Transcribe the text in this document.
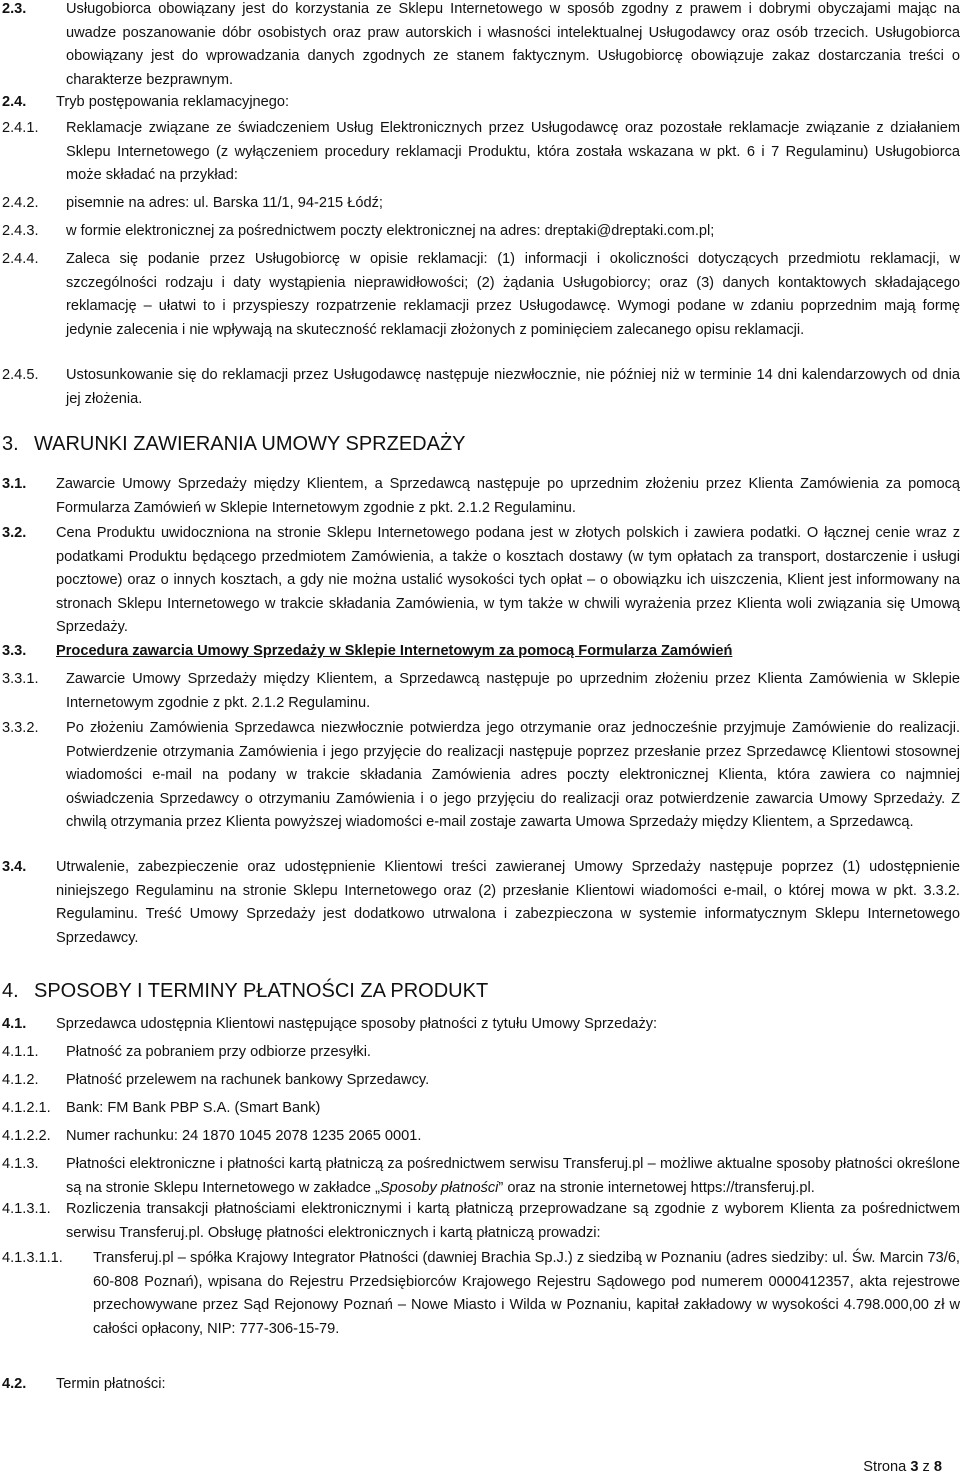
2.3.	Usługobiorca obowiązany jest do korzystania ze Sklepu Internetowego w sposób zgodny z prawem i dobrymi obyczajami mając na uwadze poszanowanie dóbr osobistych oraz praw autorskich i własności intelektualnej Usługodawcy oraz osób trzecich. Usługobiorca obowiązany jest do wprowadzania danych zgodnych ze stanem faktycznym. Usługobiorcę obowiązuje zakaz dostarczania treści o charakterze bezprawnym.
2.4. Tryb postępowania reklamacyjnego:
2.4.1. Reklamacje związane ze świadczeniem Usług Elektronicznych przez Usługodawcę oraz pozostałe reklamacje związanie z działaniem Sklepu Internetowego (z wyłączeniem procedury reklamacji Produktu, która została wskazana w pkt. 6 i 7 Regulaminu) Usługobiorca może składać na przykład:
2.4.2. pisemnie na adres: ul. Barska 11/1, 94-215 Łódź;
2.4.3. w formie elektronicznej za pośrednictwem poczty elektronicznej na adres: dreptaki@dreptaki.com.pl;
2.4.4. Zaleca się podanie przez Usługobiorcę w opisie reklamacji: (1) informacji i okoliczności dotyczących przedmiotu reklamacji, w szczególności rodzaju i daty wystąpienia nieprawidłowości; (2) żądania Usługobiorcy; oraz (3) danych kontaktowych składającego reklamację – ułatwi to i przyspieszy rozpatrzenie reklamacji przez Usługodawcę. Wymogi podane w zdaniu poprzednim mają formę jedynie zalecenia i nie wpływają na skuteczność reklamacji złożonych z pominięciem zalecanego opisu reklamacji.
2.4.5. Ustosunkowanie się do reklamacji przez Usługodawcę następuje niezwłocznie, nie później niż w terminie 14 dni kalendarzowych od dnia jej złożenia.
3. WARUNKI ZAWIERANIA UMOWY SPRZEDAŻY
3.1. Zawarcie Umowy Sprzedaży między Klientem, a Sprzedawcą następuje po uprzednim złożeniu przez Klienta Zamówienia za pomocą Formularza Zamówień w Sklepie Internetowym zgodnie z pkt. 2.1.2 Regulaminu.
3.2. Cena Produktu uwidoczniona na stronie Sklepu Internetowego podana jest w złotych polskich i zawiera podatki. O łącznej cenie wraz z podatkami Produktu będącego przedmiotem Zamówienia, a także o kosztach dostawy (w tym opłatach za transport, dostarczenie i usługi pocztowe) oraz o innych kosztach, a gdy nie można ustalić wysokości tych opłat – o obowiązku ich uiszczenia, Klient jest informowany na stronach Sklepu Internetowego w trakcie składania Zamówienia, w tym także w chwili wyrażenia przez Klienta woli związania się Umową Sprzedaży.
3.3. Procedura zawarcia Umowy Sprzedaży w Sklepie Internetowym za pomocą Formularza Zamówień
3.3.1. Zawarcie Umowy Sprzedaży między Klientem, a Sprzedawcą następuje po uprzednim złożeniu przez Klienta Zamówienia w Sklepie Internetowym zgodnie z pkt. 2.1.2 Regulaminu.
3.3.2. Po złożeniu Zamówienia Sprzedawca niezwłocznie potwierdza jego otrzymanie oraz jednocześnie przyjmuje Zamówienie do realizacji. Potwierdzenie otrzymania Zamówienia i jego przyjęcie do realizacji następuje poprzez przesłanie przez Sprzedawcę Klientowi stosownej wiadomości e-mail na podany w trakcie składania Zamówienia adres poczty elektronicznej Klienta, która zawiera co najmniej oświadczenia Sprzedawcy o otrzymaniu Zamówienia i o jego przyjęciu do realizacji oraz potwierdzenie zawarcia Umowy Sprzedaży. Z chwilą otrzymania przez Klienta powyższej wiadomości e-mail zostaje zawarta Umowa Sprzedaży między Klientem, a Sprzedawcą.
3.4. Utrwalenie, zabezpieczenie oraz udostępnienie Klientowi treści zawieranej Umowy Sprzedaży następuje poprzez (1) udostępnienie niniejszego Regulaminu na stronie Sklepu Internetowego oraz (2) przesłanie Klientowi wiadomości e-mail, o której mowa w pkt. 3.3.2. Regulaminu. Treść Umowy Sprzedaży jest dodatkowo utrwalona i zabezpieczona w systemie informatycznym Sklepu Internetowego Sprzedawcy.
4. SPOSOBY I TERMINY PŁATNOŚCI ZA PRODUKT
4.1. Sprzedawca udostępnia Klientowi następujące sposoby płatności z tytułu Umowy Sprzedaży:
4.1.1. Płatność za pobraniem przy odbiorze przesyłki.
4.1.2. Płatność przelewem na rachunek bankowy Sprzedawcy.
4.1.2.1. Bank: FM Bank PBP S.A. (Smart Bank)
4.1.2.2. Numer rachunku: 24 1870 1045 2078 1235 2065 0001.
4.1.3. Płatności elektroniczne i płatności kartą płatniczą za pośrednictwem serwisu Transferuj.pl – możliwe aktualne sposoby płatności określone są na stronie Sklepu Internetowego w zakładce „Sposoby płatności” oraz na stronie internetowej https://transferuj.pl.
4.1.3.1. Rozliczenia transakcji płatnościami elektronicznymi i kartą płatniczą przeprowadzane są zgodnie z wyborem Klienta za pośrednictwem serwisu Transferuj.pl. Obsługę płatności elektronicznych i kartą płatniczą prowadzi:
4.1.3.1.1. Transferuj.pl – spółka Krajowy Integrator Płatności (dawniej Brachia Sp.J.) z siedzibą w Poznaniu (adres siedziby: ul. Św. Marcin 73/6, 60-808 Poznań), wpisana do Rejestru Przedsiębiorców Krajowego Rejestru Sądowego pod numerem 0000412357, akta rejestrowe przechowywane przez Sąd Rejonowy Poznań – Nowe Miasto i Wilda w Poznaniu, kapitał zakładowy w wysokości 4.798.000,00 zł w całości opłacony, NIP: 777-306-15-79.
4.2. Termin płatności:
Strona 3 z 8
